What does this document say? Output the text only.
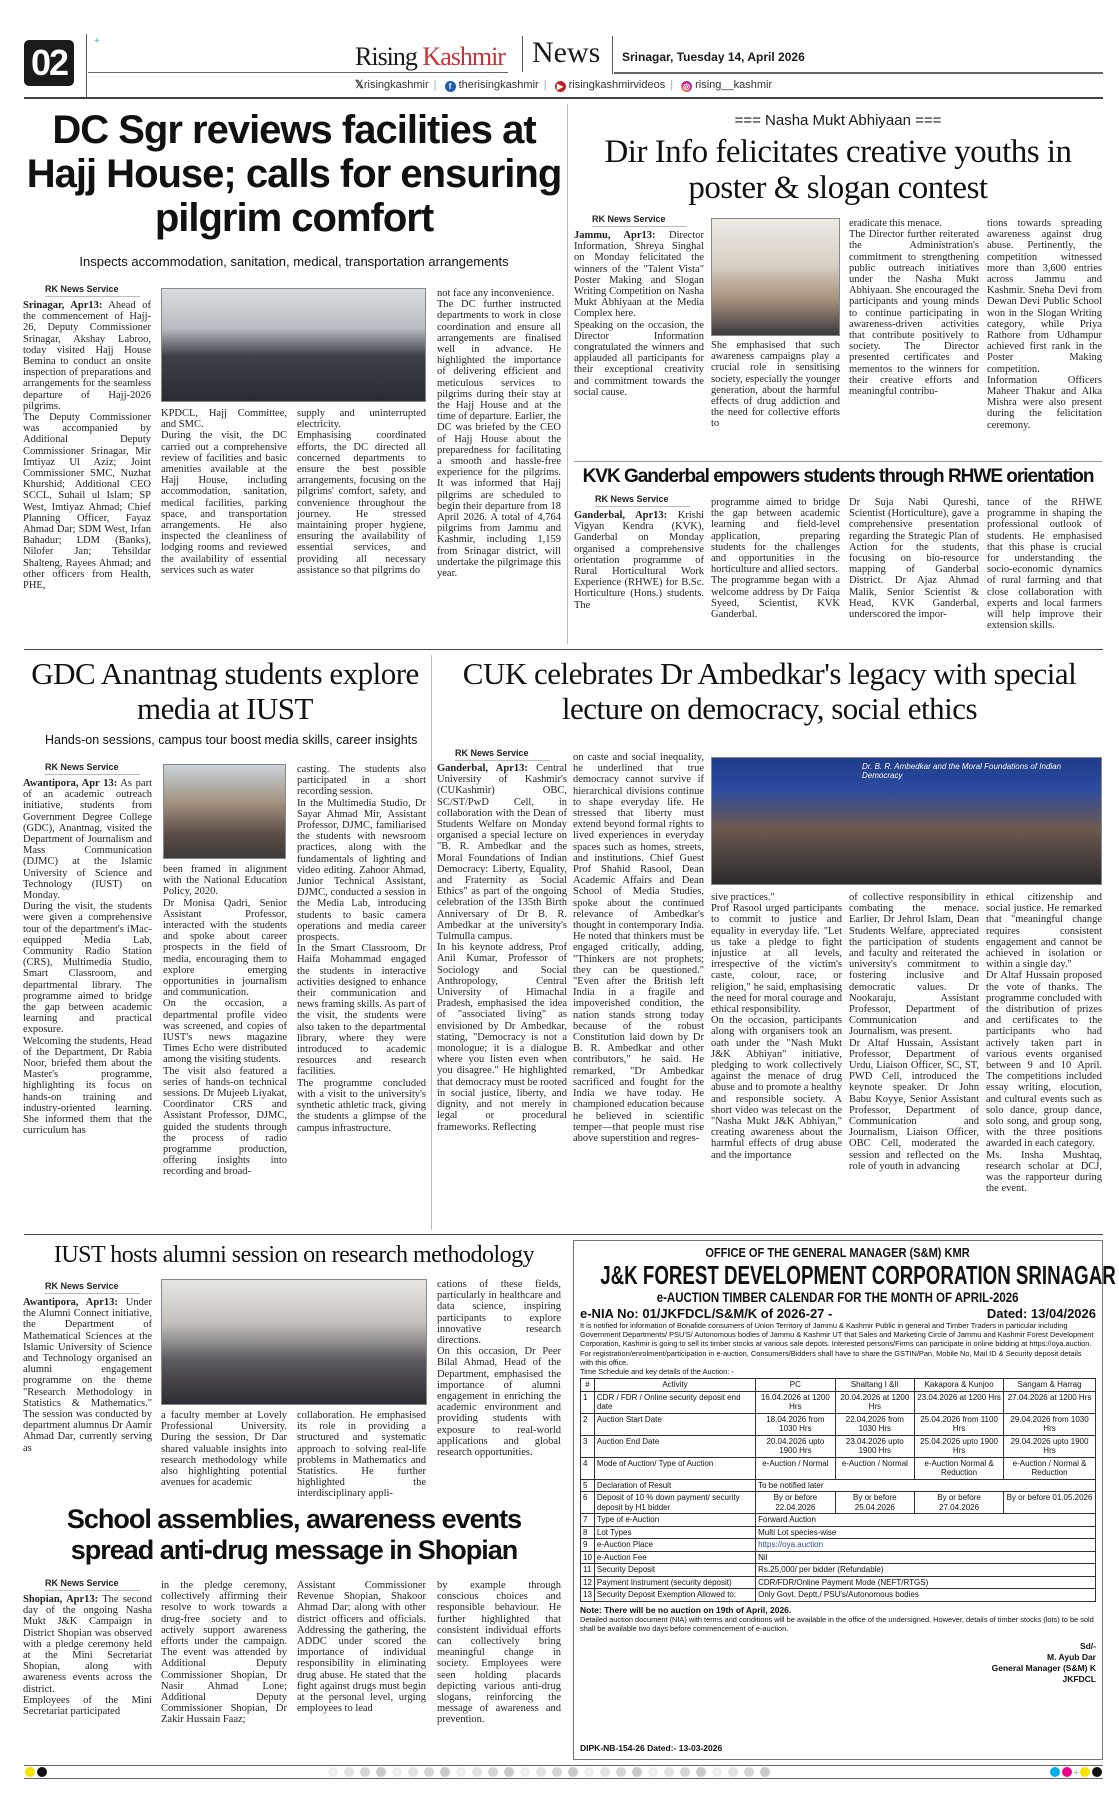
02
+
Rising Kashmir News Srinagar, Tuesday 14, April 2026
𝕏risingkashmir | f therisingkashmir | ▶ risingkashmirvideos | ◎ rising__kashmir
DC Sgr reviews facilities at Hajj House; calls for ensuring pilgrim comfort
Inspects accommodation, sanitation, medical, transportation arrangements
RK News Service
Srinagar, Apr13: Ahead of the commencement of Hajj-26, Deputy Commissioner Srinagar, Akshay Labroo, today visited Hajj House Bemina to conduct an onsite inspection of preparations and arrangements for the seamless departure of Hajj-2026 pilgrims.
The Deputy Commissioner was accompanied by Additional Deputy Commissioner Srinagar, Mir Imtiyaz Ul Aziz; Joint Commissioner SMC, Nuzhat Khurshid; Additional CEO SCCL, Suhail ul Islam; SP West, Imtiyaz Ahmad; Chief Planning Officer, Fayaz Ahmad Dar; SDM West, Irfan Bahadur; LDM (Banks), Nilofer Jan; Tehsildar Shalteng, Rayees Ahmad; and other officers from Health, PHE,
KPDCL, Hajj Committee, and SMC.
During the visit, the DC carried out a comprehensive review of facilities and basic amenities available at the Hajj House, including accommodation, sanitation, medical facilities, parking space, and transportation arrangements. He also inspected the cleanliness of lodging rooms and reviewed the availability of essential services such as water
supply and uninterrupted electricity.
Emphasising coordinated efforts, the DC directed all concerned departments to ensure the best possible arrangements, focusing on the pilgrims' comfort, safety, and convenience throughout the journey. He stressed maintaining proper hygiene, ensuring the availability of essential services, and providing all necessary assistance so that pilgrims do
not face any inconvenience.
The DC further instructed departments to work in close coordination and ensure all arrangements are finalised well in advance. He highlighted the importance of delivering efficient and meticulous services to pilgrims during their stay at the Hajj House and at the time of departure. Earlier, the DC was briefed by the CEO of Hajj House about the preparedness for facilitating a smooth and hassle-free experience for the pilgrims. It was informed that Hajj pilgrims are scheduled to begin their departure from 18 April 2026. A total of 4,764 pilgrims from Jammu and Kashmir, including 1,159 from Srinagar district, will undertake the pilgrimage this year.
=== Nasha Mukt Abhiyaan ===
Dir Info felicitates creative youths in poster & slogan contest
RK News Service
Jammu, Apr13: Director Information, Shreya Singhal on Monday felicitated the winners of the "Talent Vista" Poster Making and Slogan Writing Competition on Nasha Mukt Abhiyaan at the Media Complex here.
Speaking on the occasion, the Director Information congratulated the winners and applauded all participants for their exceptional creativity and commitment towards the social cause.
She emphasised that such awareness campaigns play a crucial role in sensitising society, especially the younger generation, about the harmful effects of drug addiction and the need for collective efforts to
eradicate this menace.
The Director further reiterated the Administration's commitment to strengthening public outreach initiatives under the Nasha Mukt Abhiyaan. She encouraged the participants and young minds to continue participating in awareness-driven activities that contribute positively to society. The Director presented certificates and mementos to the winners for their creative efforts and meaningful contribu-
tions towards spreading awareness against drug abuse. Pertinently, the competition witnessed more than 3,600 entries across Jammu and Kashmir. Sneha Devi from Dewan Devi Public School won in the Slogan Writing category, while Priya Rathore from Udhampur achieved first rank in the Poster Making competition.
Information Officers Maheer Thakur and Alka Mishra were also present during the felicitation ceremony.
KVK Ganderbal empowers students through RHWE orientation
RK News Service
Ganderbal, Apr13: Krishi Vigyan Kendra (KVK), Ganderbal on Monday organised a comprehensive orientation programme of Rural Horticultural Work Experience (RHWE) for B.Sc. Horticulture (Hons.) students. The
programme aimed to bridge the gap between academic learning and field-level application, preparing students for the challenges and opportunities in the horticulture and allied sectors.
The programme began with a welcome address by Dr Faiqa Syeed, Scientist, KVK Ganderbal.
Dr Suja Nabi Qureshi, Scientist (Horticulture), gave a comprehensive presentation regarding the Strategic Plan of Action for the students, focusing on bio-resource mapping of Ganderbal District. Dr Ajaz Ahmad Malik, Senior Scientist & Head, KVK Ganderbal, underscored the impor-
tance of the RHWE programme in shaping the professional outlook of students. He emphasised that this phase is crucial for understanding the socio-economic dynamics of rural farming and that close collaboration with experts and local farmers will help improve their extension skills.
GDC Anantnag students explore media at IUST
Hands-on sessions, campus tour boost media skills, career insights
RK News Service
Awantipora, Apr 13: As part of an academic outreach initiative, students from Government Degree College (GDC), Anantnag, visited the Department of Journalism and Mass Communication (DJMC) at the Islamic University of Science and Technology (IUST) on Monday.
During the visit, the students were given a comprehensive tour of the department's iMac-equipped Media Lab, Community Radio Station (CRS), Multimedia Studio, Smart Classroom, and departmental library. The programme aimed to bridge the gap between academic learning and practical exposure.
Welcoming the students, Head of the Department, Dr Rabia Noor, briefed them about the Master's programme, highlighting its focus on hands-on training and industry-oriented learning. She informed them that the curriculum has
been framed in alignment with the National Education Policy, 2020.
Dr Monisa Qadri, Senior Assistant Professor, interacted with the students and spoke about career prospects in the field of media, encouraging them to explore emerging opportunities in journalism and communication.
On the occasion, a departmental profile video was screened, and copies of IUST's news magazine Times Echo were distributed among the visiting students.
The visit also featured a series of hands-on technical sessions. Dr Mujeeb Liyakat, Coordinator CRS and Assistant Professor, DJMC, guided the students through the process of radio programme production, offering insights into recording and broad-
casting. The students also participated in a short recording session.
In the Multimedia Studio, Dr Sayar Ahmad Mir, Assistant Professor, DJMC, familiarised the students with newsroom practices, along with the fundamentals of lighting and video editing. Zahoor Ahmad, Junior Technical Assistant, DJMC, conducted a session in the Media Lab, introducing students to basic camera operations and media career prospects.
In the Smart Classroom, Dr Haifa Mohammad engaged the students in interactive activities designed to enhance their communication and news framing skills. As part of the visit, the students were also taken to the departmental library, where they were introduced to academic resources and research facilities.
The programme concluded with a visit to the university's synthetic athletic track, giving the students a glimpse of the campus infrastructure.
CUK celebrates Dr Ambedkar's legacy with special lecture on democracy, social ethics
RK News Service
Ganderbal, Apr13: Central University of Kashmir's (CUKashmir) OBC, SC/ST/PwD Cell, in collaboration with the Dean of Students Welfare on Monday organised a special lecture on "B. R. Ambedkar and the Moral Foundations of Indian Democracy: Liberty, Equality, and Fraternity as Social Ethics" as part of the ongoing celebration of the 135th Birth Anniversary of Dr B. R. Ambedkar at the university's Tulmulla campus.
In his keynote address, Prof Anil Kumar, Professor of Sociology and Social Anthropology, Central University of Himachal Pradesh, emphasised the idea of "associated living" as envisioned by Dr Ambedkar, stating, "Democracy is not a monologue; it is a dialogue where you listen even when you disagree." He highlighted that democracy must be rooted in social justice, liberty, and dignity, and not merely in legal or procedural frameworks. Reflecting
on caste and social inequality, he underlined that true democracy cannot survive if hierarchical divisions continue to shape everyday life. He stressed that liberty must extend beyond formal rights to lived experiences in everyday spaces such as homes, streets, and institutions. Chief Guest Prof Shahid Rasool, Dean Academic Affairs and Dean School of Media Studies, spoke about the continued relevance of Ambedkar's thought in contemporary India. He noted that thinkers must be engaged critically, adding, "Thinkers are not prophets; they can be questioned." "Even after the British left India in a fragile and impoverished condition, the nation stands strong today because of the robust Constitution laid down by Dr B. R. Ambedkar and other contributors," he said. He remarked, "Dr Ambedkar sacrificed and fought for the India we have today. He championed education because he believed in scientific temper—that people must rise above superstition and regres-
Dr. B. R. Ambedkar and the Moral Foundations of Indian Democracy
sive practices."
Prof Rasool urged participants to commit to justice and equality in everyday life. "Let us take a pledge to fight injustice at all levels, irrespective of the victim's caste, colour, race, or religion," he said, emphasising the need for moral courage and ethical responsibility.
On the occasion, participants along with organisers took an oath under the "Nash Mukt J&K Abhiyan" initiative, pledging to work collectively against the menace of drug abuse and to promote a healthy and responsible society. A short video was telecast on the "Nasha Mukt J&K Abhiyan," creating awareness about the harmful effects of drug abuse and the importance
of collective responsibility in combating the menace. Earlier, Dr Jehrol Islam, Dean Students Welfare, appreciated the participation of students and faculty and reiterated the university's commitment to fostering inclusive and democratic values. Dr Nookaraju, Assistant Professor, Department of Communication and Journalism, was present.
Dr Altaf Hussain, Assistant Professor, Department of Urdu, Liaison Officer, SC, ST, PWD Cell, introduced the keynote speaker. Dr John Babu Koyye, Senior Assistant Professor, Department of Communication and Journalism, Liaison Officer, OBC Cell, moderated the session and reflected on the role of youth in advancing
ethical citizenship and social justice. He remarked that "meaningful change requires consistent engagement and cannot be achieved in isolation or within a single day."
Dr Altaf Hussain proposed the vote of thanks. The programme concluded with the distribution of prizes and certificates to the participants who had actively taken part in various events organised between 9 and 10 April. The competitions included essay writing, elocution, and cultural events such as solo dance, group dance, solo song, and group song, with the three positions awarded in each category.
Ms. Insha Mushtaq, research scholar at DCJ, was the rapporteur during the event.
IUST hosts alumni session on research methodology
RK News Service
Awantipora, Apr13: Under the Alumni Connect initiative, the Department of Mathematical Sciences at the Islamic University of Science and Technology organised an alumni engagement programme on the theme "Research Methodology in Statistics & Mathematics." The session was conducted by department alumnus Dr Aamir Ahmad Dar, currently serving as
a faculty member at Lovely Professional University. During the session, Dr Dar shared valuable insights into research methodology while also highlighting potential avenues for academic
collaboration. He emphasised its role in providing a structured and systematic approach to solving real-life problems in Mathematics and Statistics. He further highlighted the interdisciplinary appli-
cations of these fields, particularly in healthcare and data science, inspiring participants to explore innovative research directions.
On this occasion, Dr Peer Bilal Ahmad, Head of the Department, emphasised the importance of alumni engagement in enriching the academic environment and providing students with exposure to real-world applications and global research opportunities.
School assemblies, awareness events spread anti-drug message in Shopian
RK News Service
Shopian, Apr13: The second day of the ongoing Nasha Mukt J&K Campaign in District Shopian was observed with a pledge ceremony held at the Mini Secretariat Shopian, along with awareness events across the district.
Employees of the Mini Secretariat participated
in the pledge ceremony, collectively affirming their resolve to work towards a drug-free society and to actively support awareness efforts under the campaign. The event was attended by Additional Deputy Commissioner Shopian, Dr Nasir Ahmad Lone; Additional Deputy Commissioner Shopian, Dr Zakir Hussain Faaz;
Assistant Commissioner Revenue Shopian, Shakoor Ahmad Dar; along with other district officers and officials. Addressing the gathering, the ADDC under scored the importance of individual responsibility in eliminating drug abuse. He stated that the fight against drugs must begin at the personal level, urging employees to lead
by example through conscious choices and responsible behaviour. He further highlighted that consistent individual efforts can collectively bring meaningful change in society. Employees were seen holding placards depicting various anti-drug slogans, reinforcing the message of awareness and prevention.
OFFICE OF THE GENERAL MANAGER (S&M) KMR
J&K FOREST DEVELOPMENT CORPORATION SRINAGAR
e-AUCTION TIMBER CALENDAR FOR THE MONTH OF APRIL-2026
e-NIA No: 01/JKFDCL/S&M/K of 2026-27 -	Dated: 13/04/2026
It is notified for information of Bonafide consumers of Union Territory of Jammu & Kashmir Public in general and Timber Traders in particular including Government Departments/ PSU'S/ Autonomous bodies of Jammu & Kashmir UT that Sales and Marketing Circle of Jammu and Kashmir Forest Development Corporation, Kashmir is going to sell its timber stocks at various sale depots. Interested persons/Firms can participate in online bidding at https://oya.auction.
For registration/enrolment/participation in e-auction, Consumers/Bidders shall have to share the GSTIN/Pan, Mobile No, Mail ID & Security deposit details with this office.
Time Schedule and key details of the Auction: -
#	Activity	PC	Shaltang I &II	Kakapora & Kunjoo	Sangam & Harrag
1	CDR / FDR / Online security deposit end date	16.04.2026 at 1200 Hrs	20.04.2026 at 1200 Hrs	23.04.2026 at 1200 Hrs	27.04.2026 at 1200 Hrs
2	Auction Start Date	18.04.2026 from 1030 Hrs	22.04.2026 from 1030 Hrs	25.04.2026 from 1100 Hrs	29.04.2026 from 1030 Hrs
3	Auction End Date	20.04.2026 upto 1900 Hrs	23.04.2026 upto 1900 Hrs	25.04.2026 upto 1900 Hrs	29.04.2026 upto 1900 Hrs
4	Mode of Auction/ Type of Auction	e-Auction / Normal	e-Auction / Normal	e-Auction Normal & Reduction	e-Auction / Normal & Reduction
5	Declaration of Result	To be notified later			
6	Deposit of 10 % down payment/ security deposit by H1 bidder	By or before 22.04.2026	By or before 25.04.2026	By or before 27.04.2026	By or before 01.05.2026
7	Type of e-Auction	Forward Auction			
8	Lot Types	Multi Lot species-wise			
9	e-Auction Place	https://oya.auction			
10	e-Auction Fee	Nil			
11	Security Deposit	Rs.25,000/ per bidder (Refundable)			
12	Payment Instrument (security deposit)	CDR/FDR/Online Payment Mode (NEFT/RTGS)			
13	Security Deposit Exemption Allowed to:	Only Govt. Deptt./ PSU's/Autonomous bodies			
Note: There will be no auction on 19th of April, 2026.
Detailed auction document (NIA) with terms and conditions will be available in the office of the undersigned. However, details of timber stocks (lots) to be sold shall be available two days before commencement of e-auction.
Sd/-
M. Ayub Dar
General Manager (S&M) K
JKFDCL
DIPK-NB-154-26 Dated:- 13-03-2026
+
